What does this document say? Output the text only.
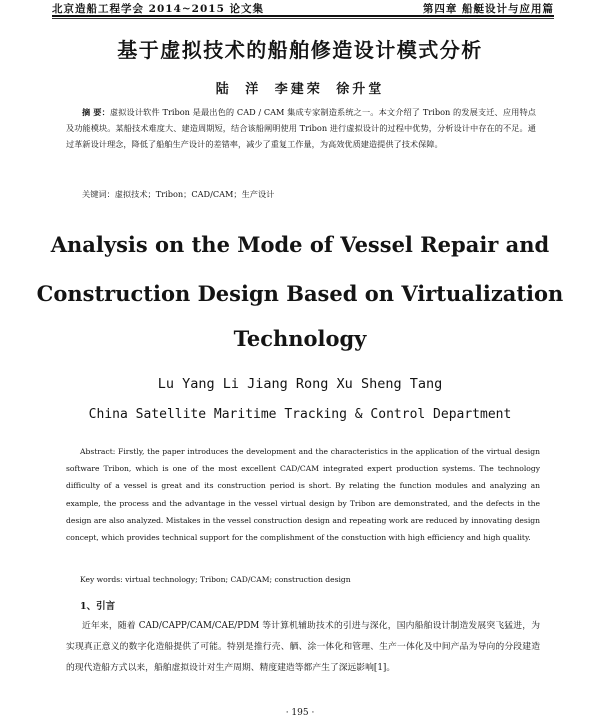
北京造船工程学会 2014~2015 论文集	第四章 船艇设计与应用篇
基于虚拟技术的船舶修造设计模式分析
陆 洋 李建荣 徐升堂
摘 要：虚拟设计软件 Tribon 是最出色的 CAD / CAM 集成专家制造系统之一。本文介绍了 Tribon 的发展支迁、应用特点及功能模块。某船技术难度大、建造周期短，结合该船阐明使用 Tribon 进行虚拟设计的过程中优势，分析设计中存在的不足。通过革新设计理念，降低了船舶生产设计的差错率，减少了重复工作量，为高效优质建造提供了技术保障。
关键词：虚拟技术；Tribon；CAD/CAM；生产设计
Analysis on the Mode of Vessel Repair and
Construction Design Based on Virtualization
Technology
Lu Yang Li Jiang Rong Xu Sheng Tang
China Satellite Maritime Tracking & Control Department
Abstract: Firstly, the paper introduces the development and the characteristics in the application of the virtual design software Tribon, which is one of the most excellent CAD/CAM integrated expert production systems. The technology difficulty of a vessel is great and its construction period is short. By relating the function modules and analyzing an example, the process and the advantage in the vessel virtual design by Tribon are demonstrated, and the defects in the design are also analyzed. Mistakes in the vessel construction design and repeating work are reduced by innovating design concept, which provides technical support for the complishment of the constuction with high efficiency and high quality.
Key words: virtual technology; Tribon; CAD/CAM; construction design
1、引言
近年来，随着 CAD/CAPP/CAM/CAE/PDM 等计算机辅助技术的引进与深化，国内船舶设计制造发展突飞猛进，为实现真正意义的数字化造船提供了可能。特别是推行壳、舾、涂一体化和管理、生产一体化及中间产品为导向的分段建造的现代造船方式以来，船舶虚拟设计对生产周期、精度建造等都产生了深远影响[1]。
· 195 ·
